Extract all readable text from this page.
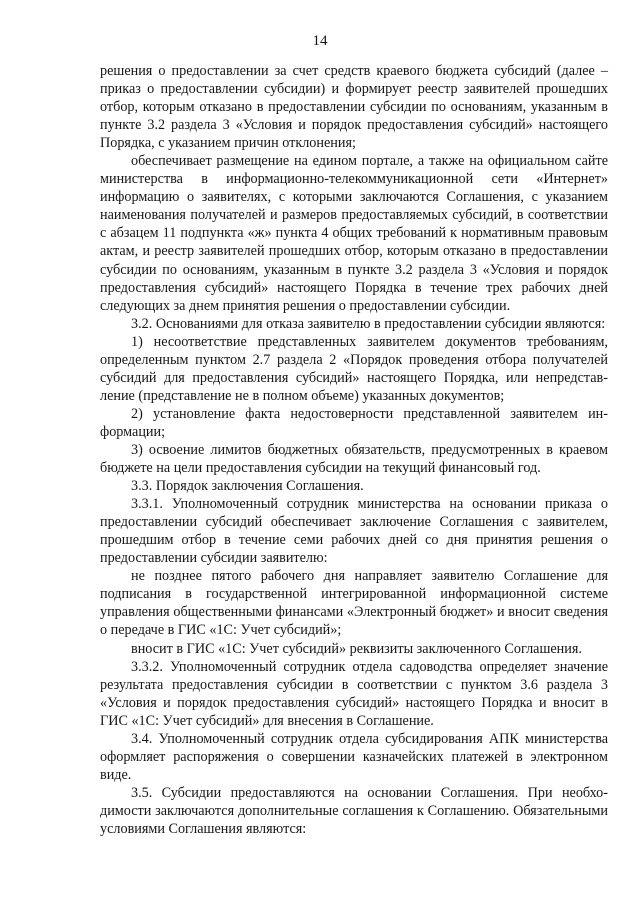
14

решения о предоставлении за счет средств краевого бюджета субсидий (далее – приказ о предоставлении субсидии) и формирует реестр заявителей прошедших отбор, которым отказано в предоставлении субсидии по основаниям, указанным в пункте 3.2 раздела 3 «Условия и порядок предоставления субсидий» настоящего Порядка, с указанием причин отклонения;

обеспечивает размещение на едином портале, а также на официальном сайте министерства в информационно-телекоммуникационной сети «Интернет» информацию о заявителях, с которыми заключаются Соглашения, с указанием наименования получателей и размеров предоставляемых субсидий, в соответствии с абзацем 11 подпункта «ж» пункта 4 общих требований к нормативным правовым актам, и реестр заявителей прошедших отбор, которым отказано в предоставлении субсидии по основаниям, указанным в пункте 3.2 раздела 3 «Условия и порядок предоставления субсидий» настоящего Порядка в течение трех рабочих дней следующих за днем принятия решения о предоставлении субсидии.

3.2. Основаниями для отказа заявителю в предоставлении субсидии являются:

1) несоответствие представленных заявителем документов требованиям, определенным пунктом 2.7 раздела 2 «Порядок проведения отбора получателей субсидий для предоставления субсидий» настоящего Порядка, или непредставление (представление не в полном объеме) указанных документов;

2) установление факта недостоверности представленной заявителем информации;

3) освоение лимитов бюджетных обязательств, предусмотренных в краевом бюджете на цели предоставления субсидии на текущий финансовый год.

3.3. Порядок заключения Соглашения.

3.3.1. Уполномоченный сотрудник министерства на основании приказа о предоставлении субсидий обеспечивает заключение Соглашения с заявителем, прошедшим отбор в течение семи рабочих дней со дня принятия решения о предоставлении субсидии заявителю:

не позднее пятого рабочего дня направляет заявителю Соглашение для подписания в государственной интегрированной информационной системе управления общественными финансами «Электронный бюджет» и вносит сведения о передаче в ГИС «1С: Учет субсидий»;

вносит в ГИС «1С: Учет субсидий» реквизиты заключенного Соглашения.

3.3.2. Уполномоченный сотрудник отдела садоводства определяет значение результата предоставления субсидии в соответствии с пунктом 3.6 раздела 3 «Условия и порядок предоставления субсидий» настоящего Порядка и вносит в ГИС «1С: Учет субсидий» для внесения в Соглашение.

3.4. Уполномоченный сотрудник отдела субсидирования АПК министерства оформляет распоряжения о совершении казначейских платежей в электронном виде.

3.5. Субсидии предоставляются на основании Соглашения. При необходимости заключаются дополнительные соглашения к Соглашению. Обязательными условиями Соглашения являются:
